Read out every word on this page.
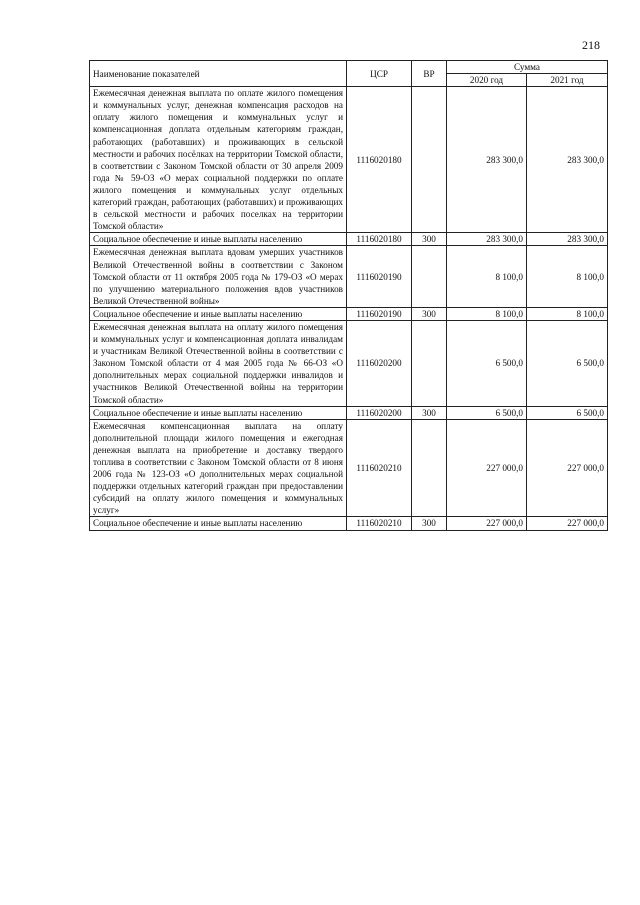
218
Наименование показателей	ЦСР	ВР	Сумма	
			2020 год	2021 год
Ежемесячная денежная выплата по оплате жилого помещения и коммунальных услуг, денежная компенсация расходов на оплату жилого помещения и коммунальных услуг и компенсационная доплата отдельным категориям граждан, работающих (работавших) и проживающих в сельской местности и рабочих посёлках на территории Томской области, в соответствии с Законом Томской области от 30 апреля 2009 года № 59-ОЗ «О мерах социальной поддержки по оплате жилого помещения и коммунальных услуг отдельных категорий граждан, работающих (работавших) и проживающих в сельской местности и рабочих поселках на территории Томской области»	1116020180		283 300,0	283 300,0
Социальное обеспечение и иные выплаты населению	1116020180	300	283 300,0	283 300,0
Ежемесячная денежная выплата вдовам умерших участников Великой Отечественной войны в соответствии с Законом Томской области от 11 октября 2005 года № 179-ОЗ «О мерах по улучшению материального положения вдов участников Великой Отечественной войны»	1116020190		8 100,0	8 100,0
Социальное обеспечение и иные выплаты населению	1116020190	300	8 100,0	8 100,0
Ежемесячная денежная выплата на оплату жилого помещения и коммунальных услуг и компенсационная доплата инвалидам и участникам Великой Отечественной войны в соответствии с Законом Томской области от 4 мая 2005 года № 66-ОЗ «О дополнительных мерах социальной поддержки инвалидов и участников Великой Отечественной войны на территории Томской области»	1116020200		6 500,0	6 500,0
Социальное обеспечение и иные выплаты населению	1116020200	300	6 500,0	6 500,0
Ежемесячная компенсационная выплата на оплату дополнительной площади жилого помещения и ежегодная денежная выплата на приобретение и доставку твердого топлива в соответствии с Законом Томской области от 8 июня 2006 года № 123-ОЗ «О дополнительных мерах социальной поддержки отдельных категорий граждан при предоставлении субсидий на оплату жилого помещения и коммунальных услуг»	1116020210		227 000,0	227 000,0
Социальное обеспечение и иные выплаты населению	1116020210	300	227 000,0	227 000,0
